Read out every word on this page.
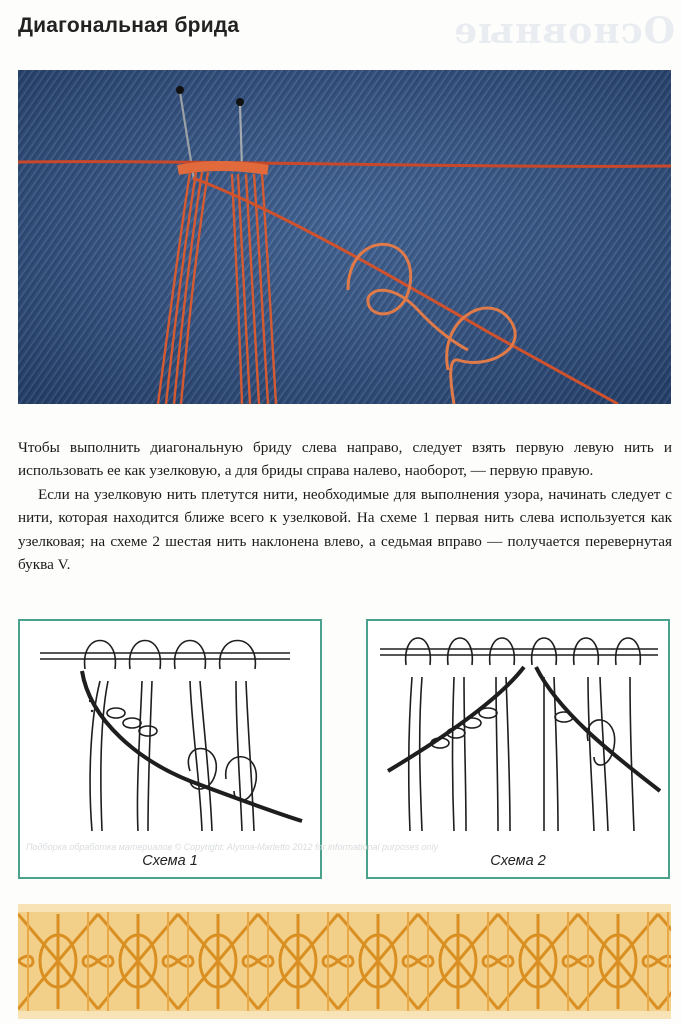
Диагональная брида	Основные

Чтобы выполнить диагональную бриду слева направо, следует взять первую левую нить и использовать ее как узелковую, а для бриды справа налево, наоборот, — первую правую.

Если на узелковую нить плетутся нити, необходимые для выполнения узора, начинать следует с нити, которая находится ближе всего к узелковой. На схеме 1 первая нить слева используется как узелковая; на схеме 2 шестая нить наклонена влево, а седьмая вправо — получается перевернутая буква V.

Схема 1	Схема 2
Подборка обработка материалов © Copyright: Alyona-Marletto 2012 for informational purposes only
